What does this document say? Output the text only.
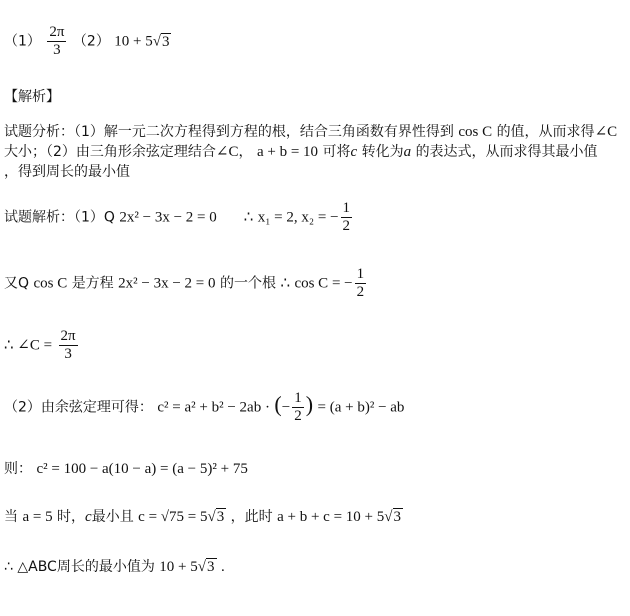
$(1) \frac{2\pi}{3} (2) 10 + 5√3$
【解析】
试题分析：（1）解一元二次方程得到方程的根，结合三角函数有界性得到 cos C 的值，从而求得∠C
大小；（2）由三角形余弦定理结合∠C， a + b = 10 可将c 转化为a 的表达式，从而求得其最小值
，得到周长的最小值
试题解析：（1）Q 2x² − 3x − 2 = 0 ∴ x₁ = 2, x₂ = − $\frac{1}{2}$
又Q cos C 是方程 2x² − 3x − 2 = 0 的一个根 ∴ cos C = − $\frac{1}{2}$
∴ ∠C = $\frac{2\pi}{3}$
（2）由余弦定理可得： c² = a² + b² − 2ab · (− $\frac{1}{2}$ ) = (a + b)² − ab
则： c² = 100 − a(10 − a) = (a − 5)² + 75
当 a = 5 时，c最小且 c = √75 = 5√3 ，此时 a + b + c = 10 + 5√3
∴ △ABC周长的最小值为 10 + 5√3 .
